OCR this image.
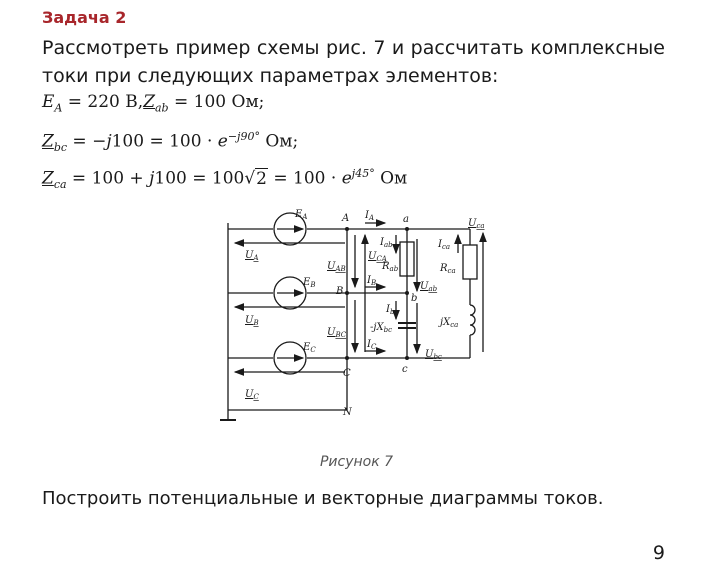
Задача 2
Рассмотреть пример схемы рис. 7 и рассчитать комплексные токи при следующих параметрах элементов:
$E_A = 220$ $В,Z_{ab} = 100$ Ом;
$Z_{bc} = -j100 = 100 \cdot e^{-j90^\circ}$ Ом;
$Z_{ca} = 100 + j100 = 100√2 = 100 \cdot e^{j45^\circ}$ Ом
$E_A$
$E_B$
$E_C$
$U_A$
$U_B$
$U_C$
$U_{AB}$
$U_{BC}$
$U_{CA}$
$I_A$
$I_B$
$I_C$
$I_{ab}$
$R_{ab}$
$U_{ab}$
$I_{bc}$
$-jX_{bc}$
$U_{bc}$
$I_{ca}$
$R_{ca}$
$jX_{ca}$
$U_{ca}$
A
B
C
N
a
b
c
Рисунок 7
Построить потенциальные и векторные диаграммы токов.
9
